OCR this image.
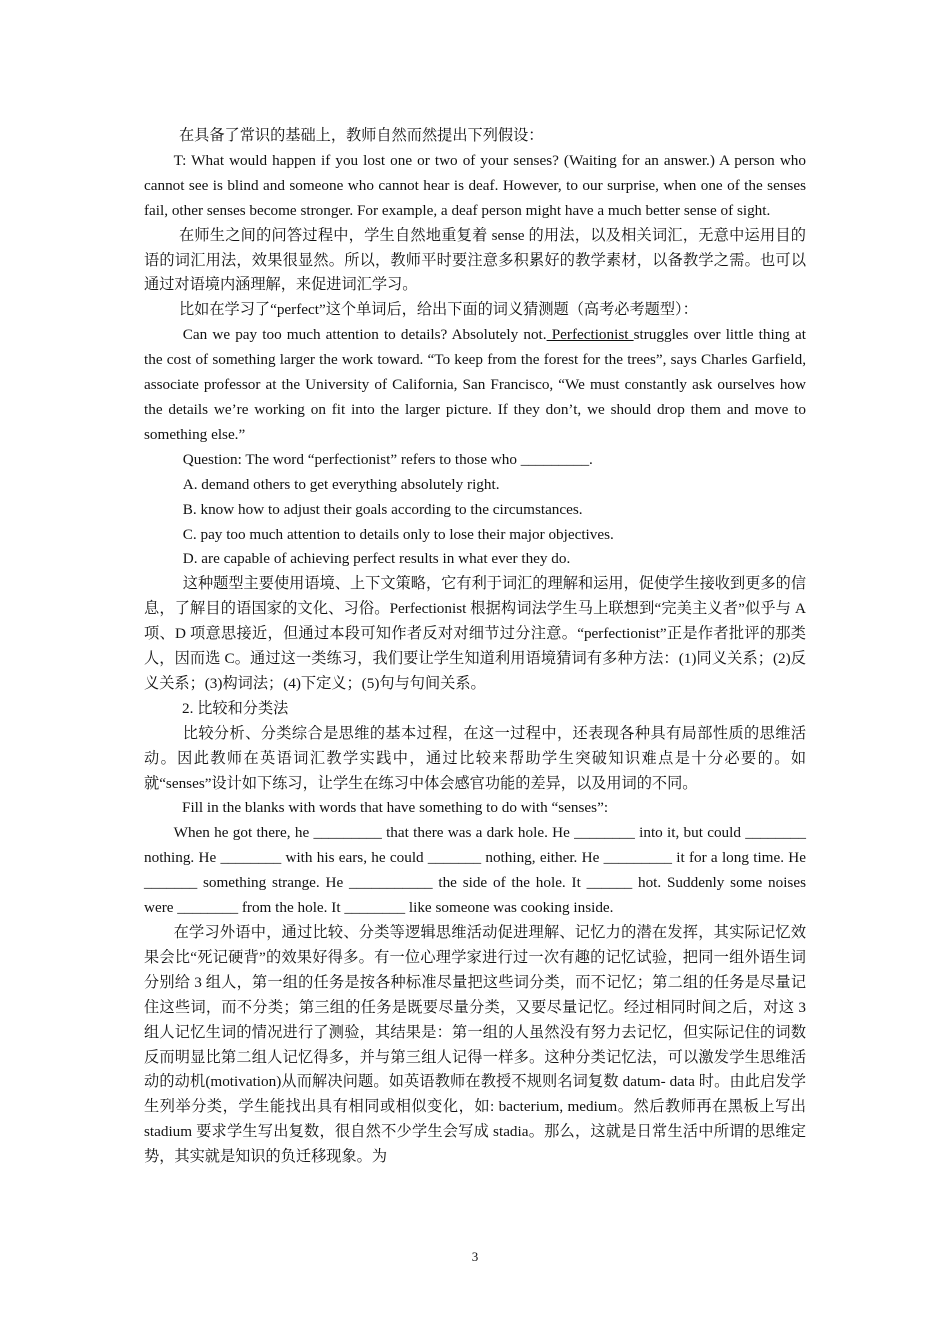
在具备了常识的基础上，教师自然而然提出下列假设：

T: What would happen if you lost one or two of your senses? (Waiting for an answer.) A person who cannot see is blind and someone who cannot hear is deaf. However, to our surprise, when one of the senses fail, other senses become stronger. For example, a deaf person might have a much better sense of sight.

在师生之间的问答过程中，学生自然地重复着 sense 的用法，以及相关词汇，无意中运用目的语的词汇用法，效果很显然。所以，教师平时要注意多积累好的教学素材，以备教学之需。也可以通过对语境内涵理解，来促进词汇学习。

比如在学习了“perfect”这个单词后，给出下面的词义猜测题（高考必考题型）：

Can we pay too much attention to details? Absolutely not. Perfectionist struggles over little thing at the cost of something larger the work toward. “To keep from the forest for the trees”, says Charles Garfield, associate professor at the University of California, San Francisco, “We must constantly ask ourselves how the details we’re working on fit into the larger picture. If they don’t, we should drop them and move to something else.”

Question: The word “perfectionist” refers to those who _________.

A. demand others to get everything absolutely right.

B. know how to adjust their goals according to the circumstances.

C. pay too much attention to details only to lose their major objectives.

D. are capable of achieving perfect results in what ever they do.

这种题型主要使用语境、上下文策略，它有利于词汇的理解和运用，促使学生接收到更多的信息，了解目的语国家的文化、习俗。Perfectionist 根据构词法学生马上联想到“完美主义者”似乎与 A 项、D 项意思接近，但通过本段可知作者反对对细节过分注意。“perfectionist”正是作者批评的那类人，因而选 C。通过这一类练习，我们要让学生知道利用语境猜词有多种方法：(1)同义关系；(2)反义关系；(3)构词法；(4)下定义；(5)句与句间关系。

2. 比较和分类法

比较分析、分类综合是思维的基本过程，在这一过程中，还表现各种具有局部性质的思维活动。因此教师在英语词汇教学实践中，通过比较来帮助学生突破知识难点是十分必要的。如就“senses”设计如下练习，让学生在练习中体会感官功能的差异，以及用词的不同。

Fill in the blanks with words that have something to do with “senses”:

When he got there, he _________ that there was a dark hole. He ________ into it, but could ________ nothing. He ________ with his ears, he could _______ nothing, either. He _________ it for a long time. He _______ something strange. He ___________ the side of the hole. It ______ hot. Suddenly some noises were ________ from the hole. It ________ like someone was cooking inside.

在学习外语中，通过比较、分类等逻辑思维活动促进理解、记忆力的潜在发挥，其实际记忆效果会比“死记硬背”的效果好得多。有一位心理学家进行过一次有趣的记忆试验，把同一组外语生词分别给 3 组人，第一组的任务是按各种标准尽量把这些词分类，而不记忆；第二组的任务是尽量记住这些词，而不分类；第三组的任务是既要尽量分类，又要尽量记忆。经过相同时间之后，对这 3 组人记忆生词的情况进行了测验，其结果是：第一组的人虽然没有努力去记忆，但实际记住的词数反而明显比第二组人记忆得多，并与第三组人记得一样多。这种分类记忆法，可以激发学生思维活动的动机(motivation)从而解决问题。如英语教师在教授不规则名词复数 datum- data 时。由此启发学生列举分类，学生能找出具有相同或相似变化，如: bacterium, medium。然后教师再在黑板上写出 stadium 要求学生写出复数，很自然不少学生会写成 stadia。那么，这就是日常生活中所谓的思维定势，其实就是知识的负迁移现象。为

3
